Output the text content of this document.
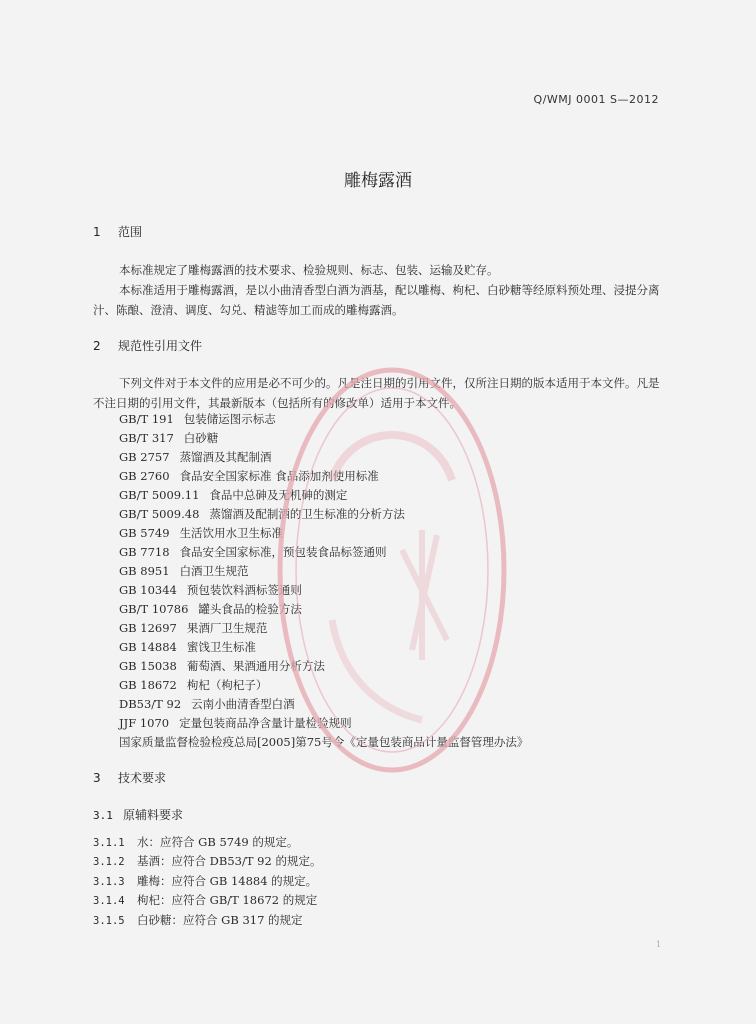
Q/WMJ 0001 S—2012
雕梅露酒
1 范围
本标准规定了雕梅露酒的技术要求、检验规则、标志、包装、运输及贮存。
本标准适用于雕梅露酒，是以小曲清香型白酒为酒基，配以雕梅、枸杞、白砂糖等经原料预处理、浸提分离汁、陈酿、澄清、调度、勾兑、精滤等加工而成的雕梅露酒。
2 规范性引用文件
下列文件对于本文件的应用是必不可少的。凡是注日期的引用文件，仅所注日期的版本适用于本文件。凡是不注日期的引用文件，其最新版本（包括所有的修改单）适用于本文件。
GB/T 191 包装储运图示标志
GB/T 317 白砂糖
GB 2757 蒸馏酒及其配制酒
GB 2760 食品安全国家标准 食品添加剂使用标准
GB/T 5009.11 食品中总砷及无机砷的测定
GB/T 5009.48 蒸馏酒及配制酒的卫生标准的分析方法
GB 5749 生活饮用水卫生标准
GB 7718 食品安全国家标准，预包装食品标签通则
GB 8951 白酒卫生规范
GB 10344 预包装饮料酒标签通则
GB/T 10786 罐头食品的检验方法
GB 12697 果酒厂卫生规范
GB 14884 蜜饯卫生标准
GB 15038 葡萄酒、果酒通用分析方法
GB 18672 枸杞（枸杞子）
DB53/T 92 云南小曲清香型白酒
JJF 1070 定量包装商品净含量计量检验规则
国家质量监督检验检疫总局[2005]第75号令《定量包装商品计量监督管理办法》
3 技术要求
3.1 原辅料要求
3.1.1 水：应符合 GB 5749 的规定。
3.1.2 基酒：应符合 DB53/T 92 的规定。
3.1.3 雕梅：应符合 GB 14884 的规定。
3.1.4 枸杞：应符合 GB/T 18672 的规定
3.1.5 白砂糖：应符合 GB 317 的规定
1
